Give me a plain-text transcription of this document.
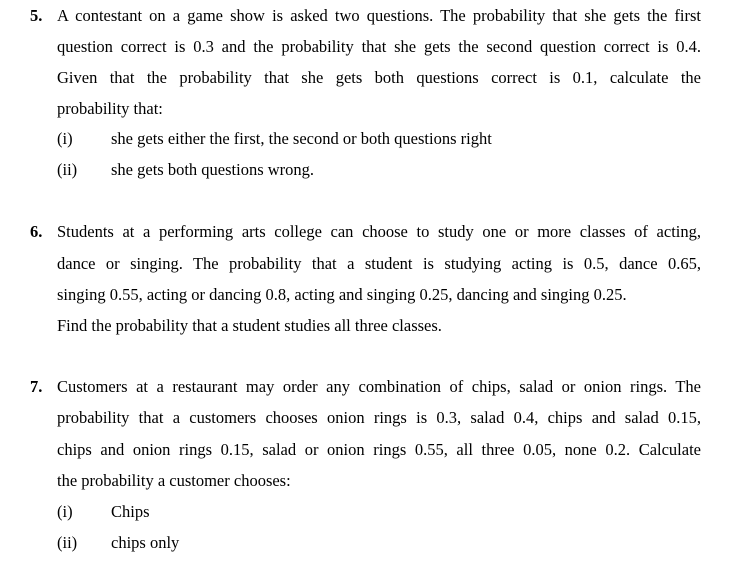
5. A contestant on a game show is asked two questions. The probability that she gets the first

question correct is 0.3 and the probability that she gets the second question correct is 0.4.

Given that the probability that she gets both questions correct is 0.1, calculate the

probability that:

(i) she gets either the first, the second or both questions right

(ii) she gets both questions wrong.

6. Students at a performing arts college can choose to study one or more classes of acting,

dance or singing. The probability that a student is studying acting is 0.5, dance 0.65,

singing 0.55, acting or dancing 0.8, acting and singing 0.25, dancing and singing 0.25.

Find the probability that a student studies all three classes.

7. Customers at a restaurant may order any combination of chips, salad or onion rings. The

probability that a customers chooses onion rings is 0.3, salad 0.4, chips and salad 0.15,

chips and onion rings 0.15, salad or onion rings 0.55, all three 0.05, none 0.2. Calculate

the probability a customer chooses:

(i) Chips

(ii) chips only
